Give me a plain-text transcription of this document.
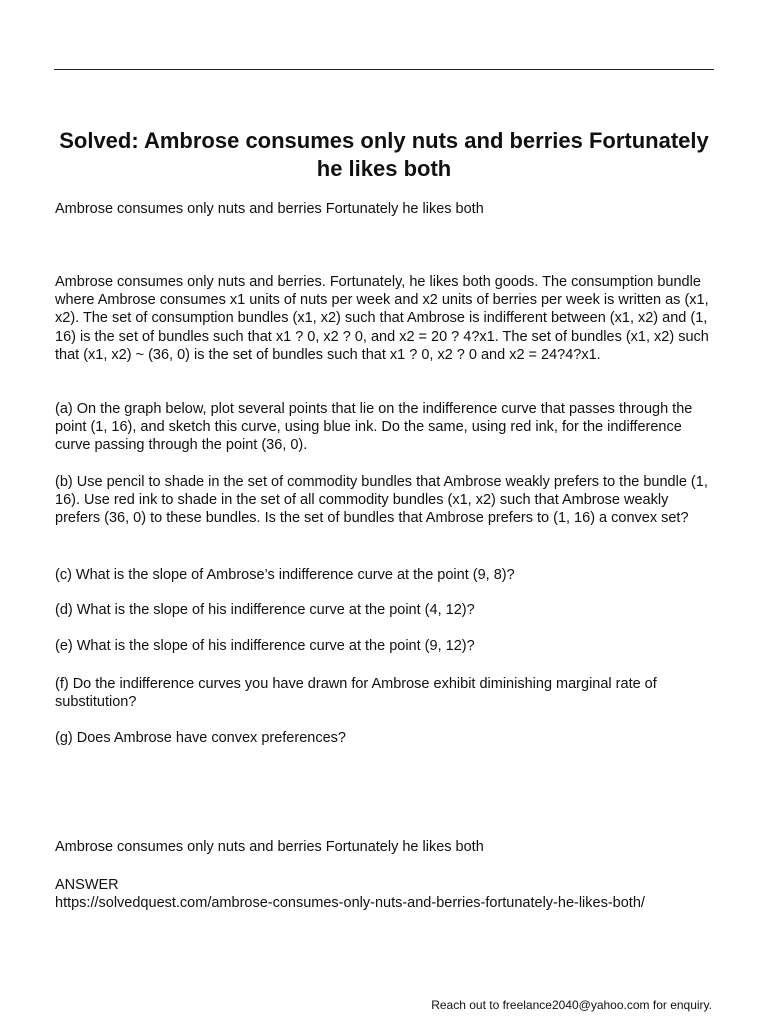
Solved: Ambrose consumes only nuts and berries Fortunately he likes both

Ambrose consumes only nuts and berries Fortunately he likes both

Ambrose consumes only nuts and berries. Fortunately, he likes both goods. The consumption bundle where Ambrose consumes x1 units of nuts per week and x2 units of berries per week is written as (x1, x2). The set of consumption bundles (x1, x2) such that Ambrose is indifferent between (x1, x2) and (1, 16) is the set of bundles such that x1 ? 0, x2 ? 0, and x2 = 20 ? 4?x1. The set of bundles (x1, x2) such that (x1, x2) ~ (36, 0) is the set of bundles such that x1 ? 0, x2 ? 0 and x2 = 24?4?x1.

(a) On the graph below, plot several points that lie on the indifference curve that passes through the point (1, 16), and sketch this curve, using blue ink. Do the same, using red ink, for the indifference curve passing through the point (36, 0).

(b) Use pencil to shade in the set of commodity bundles that Ambrose weakly prefers to the bundle (1, 16). Use red ink to shade in the set of all commodity bundles (x1, x2) such that Ambrose weakly prefers (36, 0) to these bundles. Is the set of bundles that Ambrose prefers to (1, 16) a convex set?

(c) What is the slope of Ambrose’s indifference curve at the point (9, 8)?

(d) What is the slope of his indifference curve at the point (4, 12)?

(e) What is the slope of his indifference curve at the point (9, 12)?

(f) Do the indifference curves you have drawn for Ambrose exhibit diminishing marginal rate of substitution?

(g) Does Ambrose have convex preferences?

Ambrose consumes only nuts and berries Fortunately he likes both

ANSWER
https://solvedquest.com/ambrose-consumes-only-nuts-and-berries-fortunately-he-likes-both/
Reach out to freelance2040@yahoo.com for enquiry.
